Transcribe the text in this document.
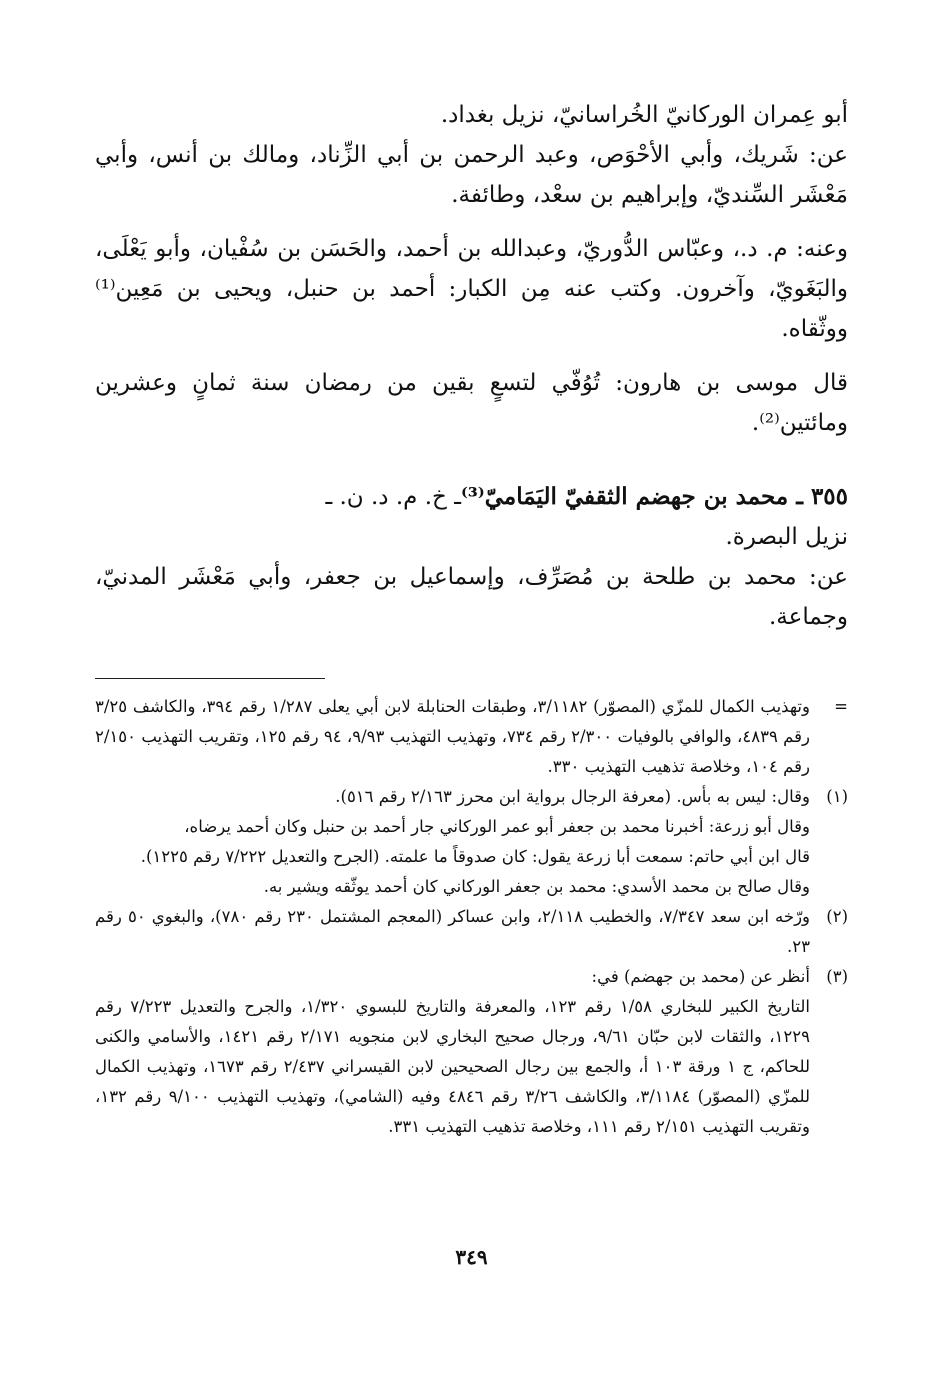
أبو عِمران الوركانيّ الخُراسانيّ، نزيل بغداد.

عن: شَريك، وأبي الأحْوَص، وعبد الرحمن بن أبي الزِّناد، ومالك بن أنس، وأبي مَعْشَر السِّنديّ، وإبراهيم بن سعْد، وطائفة.

وعنه: م. د.، وعبّاس الدُّوريّ، وعبدالله بن أحمد، والحَسَن بن سُفْيان، وأبو يَعْلَى، والبَغَويّ، وآخرون. وكتب عنه مِن الكبار: أحمد بن حنبل، ويحيى بن مَعِين⁽¹⁾ ووثّقاه.

قال موسى بن هارون: تُوُفّي لتسعٍ بقين من رمضان سنة ثمانٍ وعشرين ومائتين⁽²⁾.

٣٥٥ ـ محمد بن جهضم الثقفيّ اليَمَاميّ⁽³⁾ـ خ. م. د. ن. ـ

نزيل البصرة.

عن: محمد بن طلحة بن مُصَرِّف، وإسماعيل بن جعفر، وأبي مَعْشَر المدنيّ، وجماعة.

=

وتهذيب الكمال للمزّي (المصوّر) ٣/١١٨٢، وطبقات الحنابلة لابن أبي يعلى ١/٢٨٧ رقم ٣٩٤، والكاشف ٣/٢٥ رقم ٤٨٣٩، والوافي بالوفيات ٢/٣٠٠ رقم ٧٣٤، وتهذيب التهذيب ٩/٩٣، ٩٤ رقم ١٢٥، وتقريب التهذيب ٢/١٥٠ رقم ١٠٤، وخلاصة تذهيب التهذيب ٣٣٠.

(١)

وقال: ليس به بأس. (معرفة الرجال برواية ابن محرز ٢/١٦٣ رقم ٥١٦).

وقال أبو زرعة: أخبرنا محمد بن جعفر أبو عمر الوركاني جار أحمد بن حنبل وكان أحمد يرضاه،

قال ابن أبي حاتم: سمعت أبا زرعة يقول: كان صدوقاً ما علمته. (الجرح والتعديل ٧/٢٢٢ رقم ١٢٢٥).

وقال صالح بن محمد الأسدي: محمد بن جعفر الوركاني كان أحمد يوثّقه ويشير به.

(٢)

ورّخه ابن سعد ٧/٣٤٧، والخطيب ٢/١١٨، وابن عساكر (المعجم المشتمل ٢٣٠ رقم ٧٨٠)، والبغوي ٥٠ رقم ٢٣.

(٣)

أنظر عن (محمد بن جهضم) في:

التاريخ الكبير للبخاري ١/٥٨ رقم ١٢٣، والمعرفة والتاريخ للبسوي ١/٣٢٠، والجرح والتعديل ٧/٢٢٣ رقم ١٢٢٩، والثقات لابن حبّان ٩/٦١، ورجال صحيح البخاري لابن منجويه ٢/١٧١ رقم ١٤٢١، والأسامي والكنى للحاكم، ج ١ ورقة ١٠٣ أ، والجمع بين رجال الصحيحين لابن القيسراني ٢/٤٣٧ رقم ١٦٧٣، وتهذيب الكمال للمزّي (المصوّر) ٣/١١٨٤، والكاشف ٣/٢٦ رقم ٤٨٤٦ وفيه (الشامي)، وتهذيب التهذيب ٩/١٠٠ رقم ١٣٢، وتقريب التهذيب ٢/١٥١ رقم ١١١، وخلاصة تذهيب التهذيب ٣٣١.

٣٤٩
